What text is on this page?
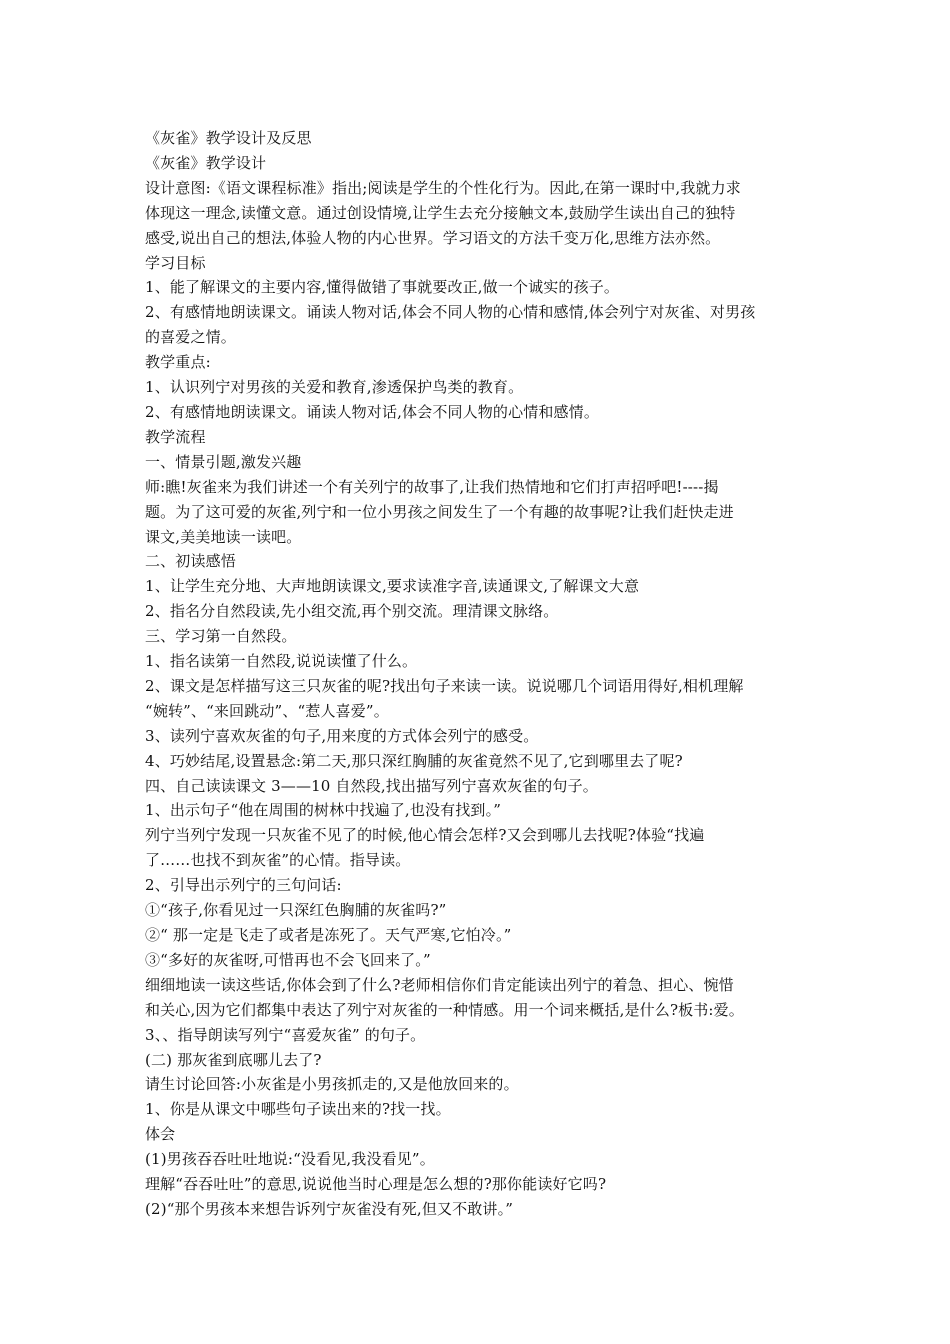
《灰雀》教学设计及反思

《灰雀》教学设计

设计意图:《语文课程标准》指出;阅读是学生的个性化行为。因此,在第一课时中,我就力求

体现这一理念,读懂文意。通过创设情境,让学生去充分接触文本,鼓励学生读出自己的独特

感受,说出自己的想法,体验人物的内心世界。学习语文的方法千变万化,思维方法亦然。

学习目标

1、能了解课文的主要内容,懂得做错了事就要改正,做一个诚实的孩子。

2、有感情地朗读课文。诵读人物对话,体会不同人物的心情和感情,体会列宁对灰雀、对男孩

的喜爱之情。

教学重点:

1、认识列宁对男孩的关爱和教育,渗透保护鸟类的教育。

2、有感情地朗读课文。诵读人物对话,体会不同人物的心情和感情。

教学流程

一、情景引题,激发兴趣

师:瞧!灰雀来为我们讲述一个有关列宁的故事了,让我们热情地和它们打声招呼吧!----揭

题。为了这可爱的灰雀,列宁和一位小男孩之间发生了一个有趣的故事呢?让我们赶快走进

课文,美美地读一读吧。

二、初读感悟

1、让学生充分地、大声地朗读课文,要求读准字音,读通课文,了解课文大意

2、指名分自然段读,先小组交流,再个别交流。理清课文脉络。

三、学习第一自然段。

1、指名读第一自然段,说说读懂了什么。

2、课文是怎样描写这三只灰雀的呢?找出句子来读一读。说说哪几个词语用得好,相机理解

“婉转”、“来回跳动”、“惹人喜爱”。

3、读列宁喜欢灰雀的句子,用来度的方式体会列宁的感受。

4、巧妙结尾,设置悬念:第二天,那只深红胸脯的灰雀竟然不见了,它到哪里去了呢?

四、自己读读课文 3——10 自然段,找出描写列宁喜欢灰雀的句子。

1、出示句子“他在周围的树林中找遍了,也没有找到。”

列宁当列宁发现一只灰雀不见了的时候,他心情会怎样?又会到哪儿去找呢?体验“找遍

了……也找不到灰雀”的心情。指导读。

2、引导出示列宁的三句问话:

①“孩子,你看见过一只深红色胸脯的灰雀吗?”

②“ 那一定是飞走了或者是冻死了。天气严寒,它怕冷。”

③“多好的灰雀呀,可惜再也不会飞回来了。”

细细地读一读这些话,你体会到了什么?老师相信你们肯定能读出列宁的着急、担心、惋惜

和关心,因为它们都集中表达了列宁对灰雀的一种情感。用一个词来概括,是什么?板书:爱。

3、、指导朗读写列宁“喜爱灰雀” 的句子。

(二) 那灰雀到底哪儿去了?

请生讨论回答:小灰雀是小男孩抓走的,又是他放回来的。

1、你是从课文中哪些句子读出来的?找一找。

体会

(1)男孩吞吞吐吐地说:“没看见,我没看见”。

理解“吞吞吐吐”的意思,说说他当时心理是怎么想的?那你能读好它吗?

(2)“那个男孩本来想告诉列宁灰雀没有死,但又不敢讲。”
